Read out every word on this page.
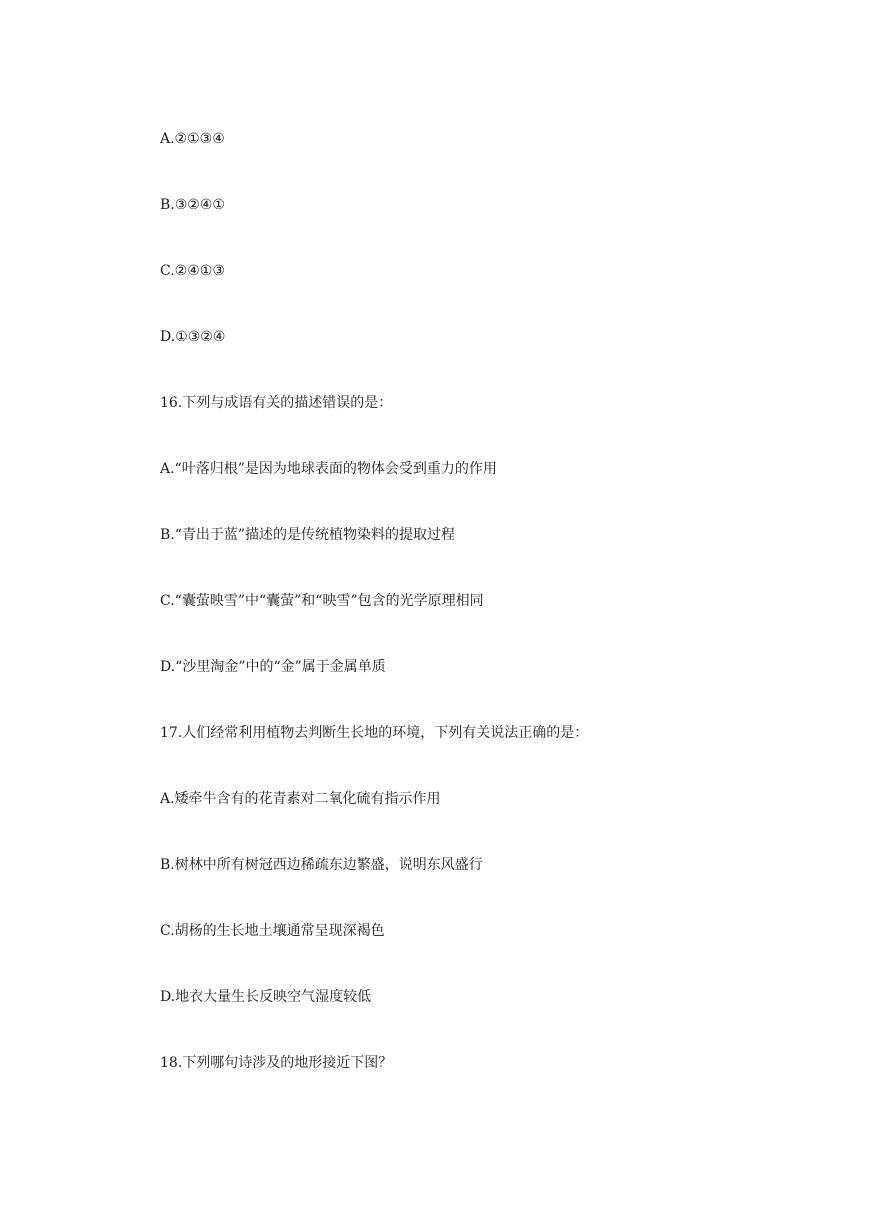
A.②①③④
B.③②④①
C.②④①③
D.①③②④
16.下列与成语有关的描述错误的是：
A.“叶落归根”是因为地球表面的物体会受到重力的作用
B.“青出于蓝”描述的是传统植物染料的提取过程
C.“囊萤映雪”中“囊萤”和“映雪”包含的光学原理相同
D.“沙里淘金”中的“金”属于金属单质
17.人们经常利用植物去判断生长地的环境，下列有关说法正确的是：
A.矮牵牛含有的花青素对二氧化硫有指示作用
B.树林中所有树冠西边稀疏东边繁盛，说明东风盛行
C.胡杨的生长地土壤通常呈现深褐色
D.地衣大量生长反映空气湿度较低
18.下列哪句诗涉及的地形接近下图？
